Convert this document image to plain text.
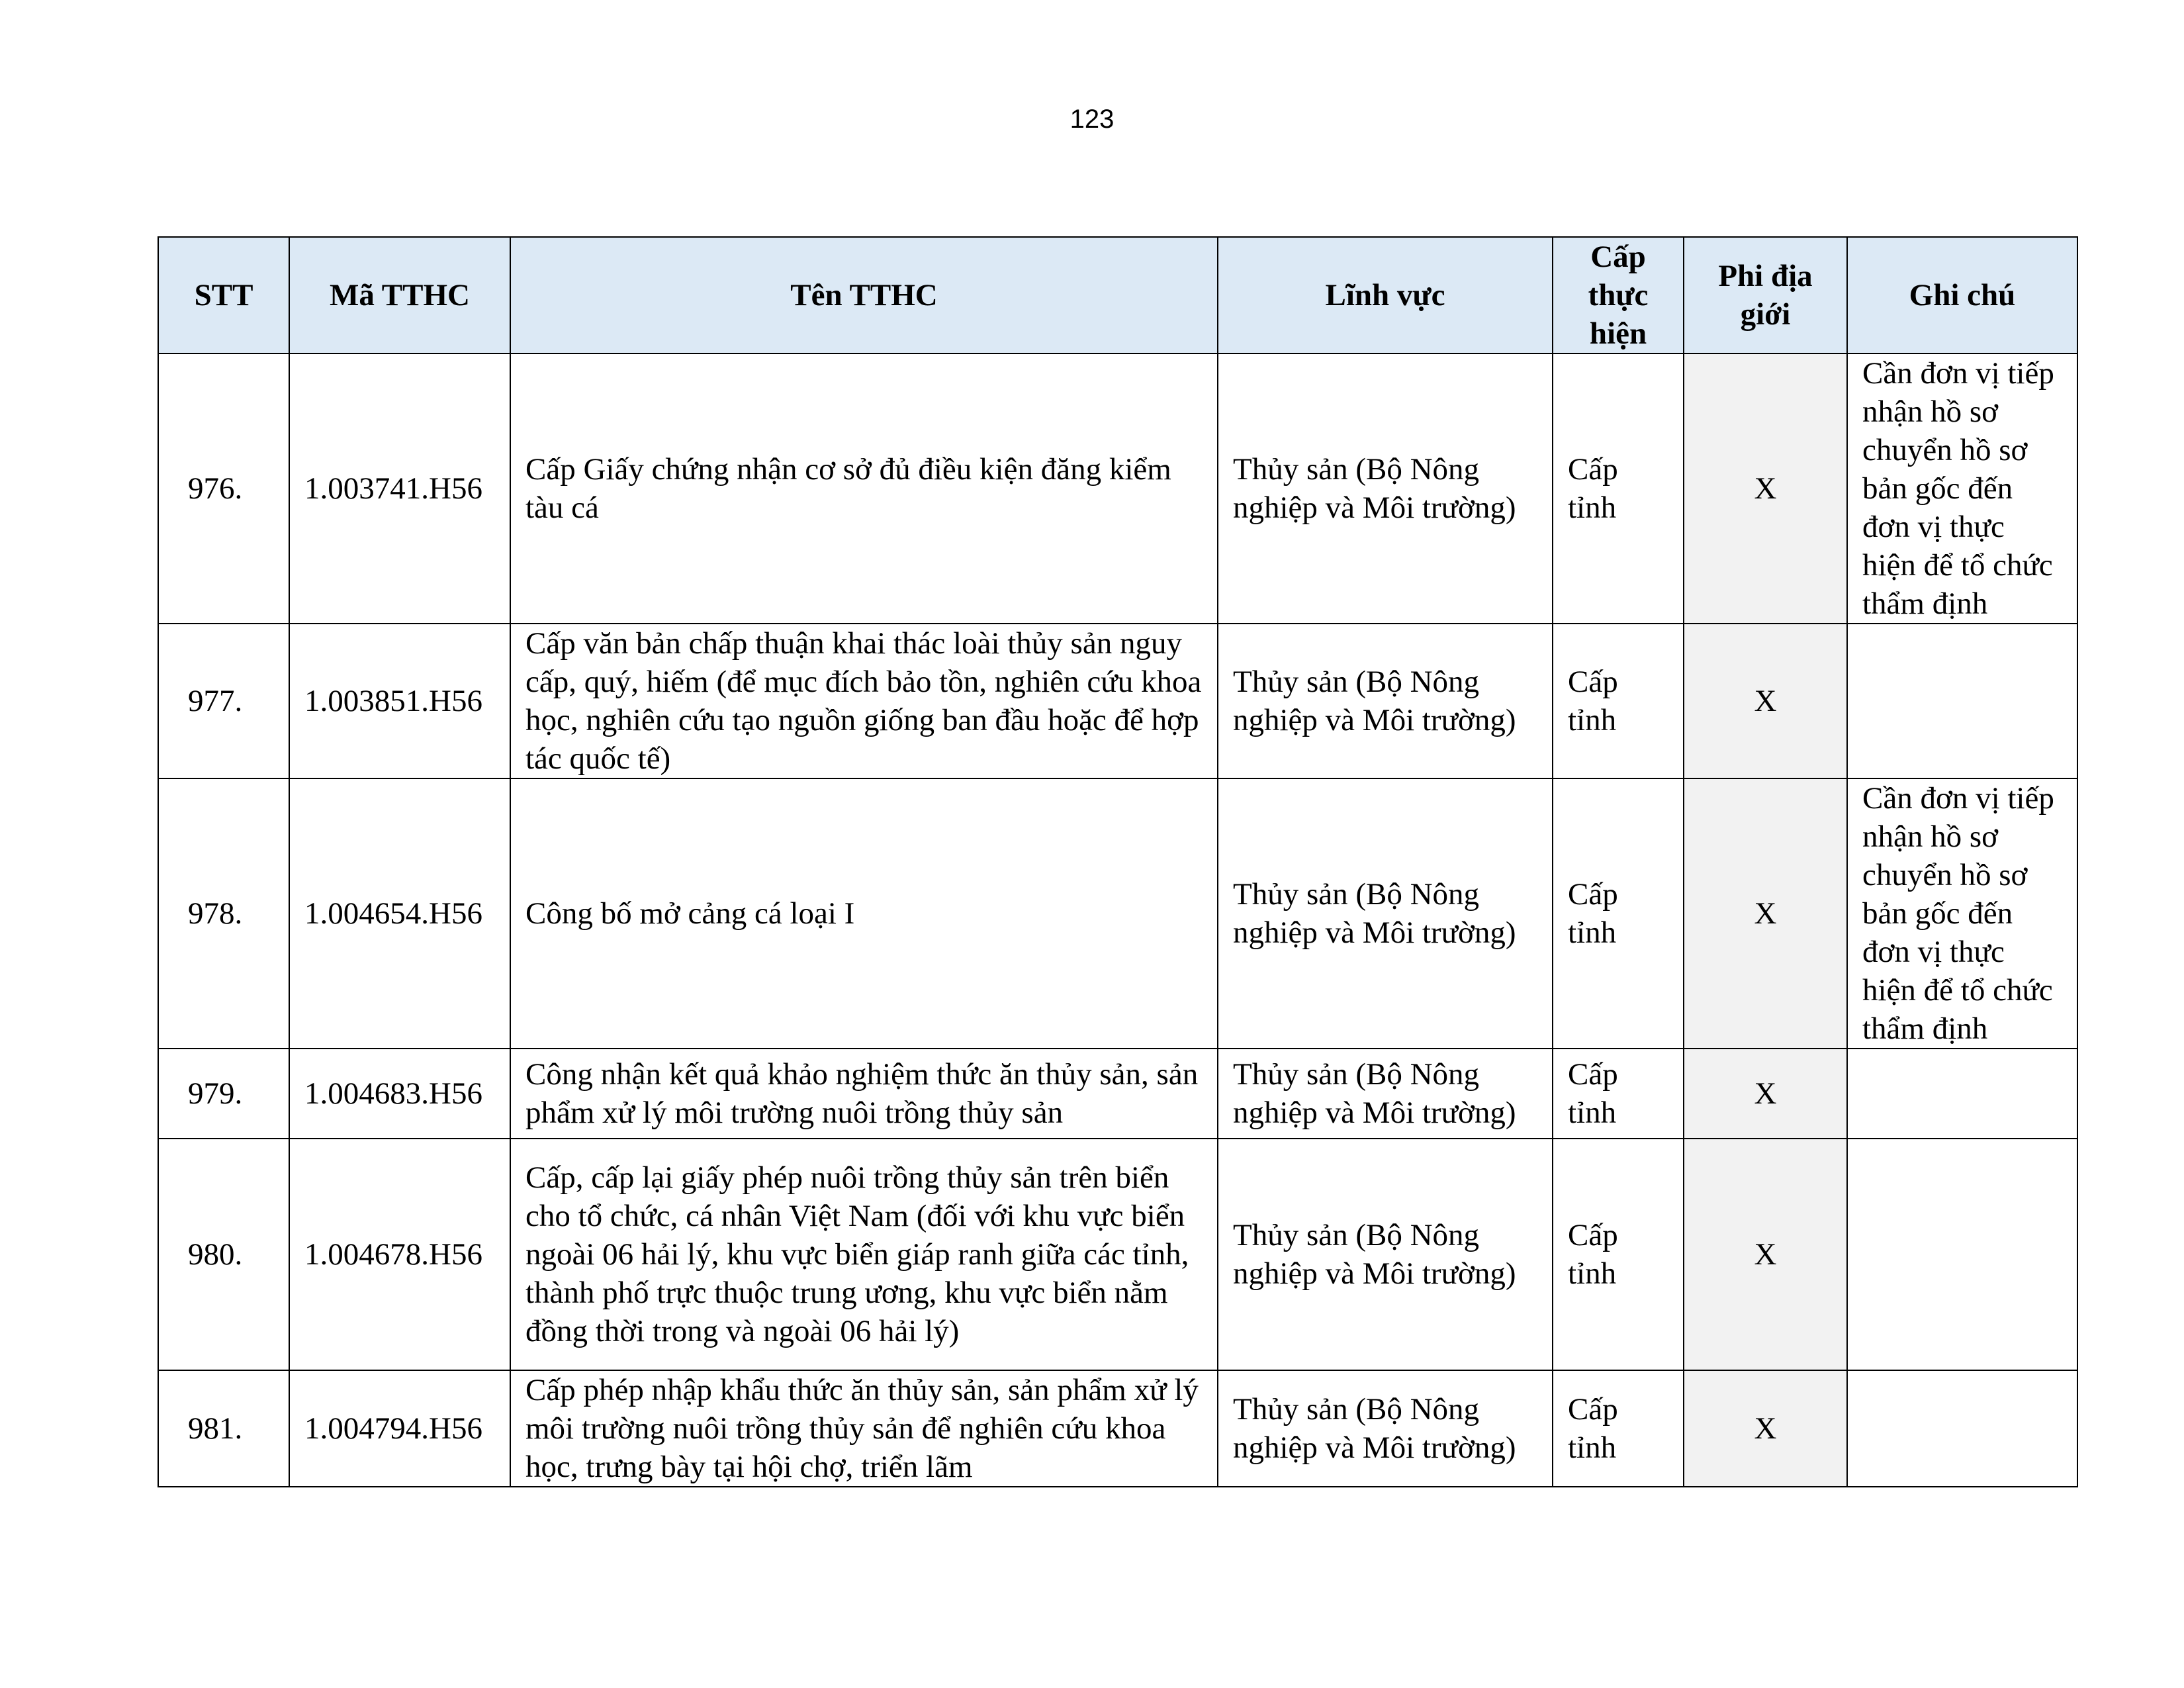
123
STT	Mã TTHC	Tên TTHC	Lĩnh vực	Cấp thực hiện	Phi địa giới	Ghi chú
976.	1.003741.H56	Cấp Giấy chứng nhận cơ sở đủ điều kiện đăng kiểm tàu cá	Thủy sản (Bộ Nông nghiệp và Môi trường)	Cấp tỉnh	X	Cần đơn vị tiếp nhận hồ sơ chuyển hồ sơ bản gốc đến đơn vị thực hiện để tổ chức thẩm định
977.	1.003851.H56	Cấp văn bản chấp thuận khai thác loài thủy sản nguy cấp, quý, hiếm (để mục đích bảo tồn, nghiên cứu khoa học, nghiên cứu tạo nguồn giống ban đầu hoặc để hợp tác quốc tế)	Thủy sản (Bộ Nông nghiệp và Môi trường)	Cấp tỉnh	X	
978.	1.004654.H56	Công bố mở cảng cá loại I	Thủy sản (Bộ Nông nghiệp và Môi trường)	Cấp tỉnh	X	Cần đơn vị tiếp nhận hồ sơ chuyển hồ sơ bản gốc đến đơn vị thực hiện để tổ chức thẩm định
979.	1.004683.H56	Công nhận kết quả khảo nghiệm thức ăn thủy sản, sản phẩm xử lý môi trường nuôi trồng thủy sản	Thủy sản (Bộ Nông nghiệp và Môi trường)	Cấp tỉnh	X	
980.	1.004678.H56	Cấp, cấp lại giấy phép nuôi trồng thủy sản trên biển cho tổ chức, cá nhân Việt Nam (đối với khu vực biển ngoài 06 hải lý, khu vực biển giáp ranh giữa các tỉnh, thành phố trực thuộc trung ương, khu vực biển nằm đồng thời trong và ngoài 06 hải lý)	Thủy sản (Bộ Nông nghiệp và Môi trường)	Cấp tỉnh	X	
981.	1.004794.H56	Cấp phép nhập khẩu thức ăn thủy sản, sản phẩm xử lý môi trường nuôi trồng thủy sản để nghiên cứu khoa học, trưng bày tại hội chợ, triển lãm	Thủy sản (Bộ Nông nghiệp và Môi trường)	Cấp tỉnh	X	
